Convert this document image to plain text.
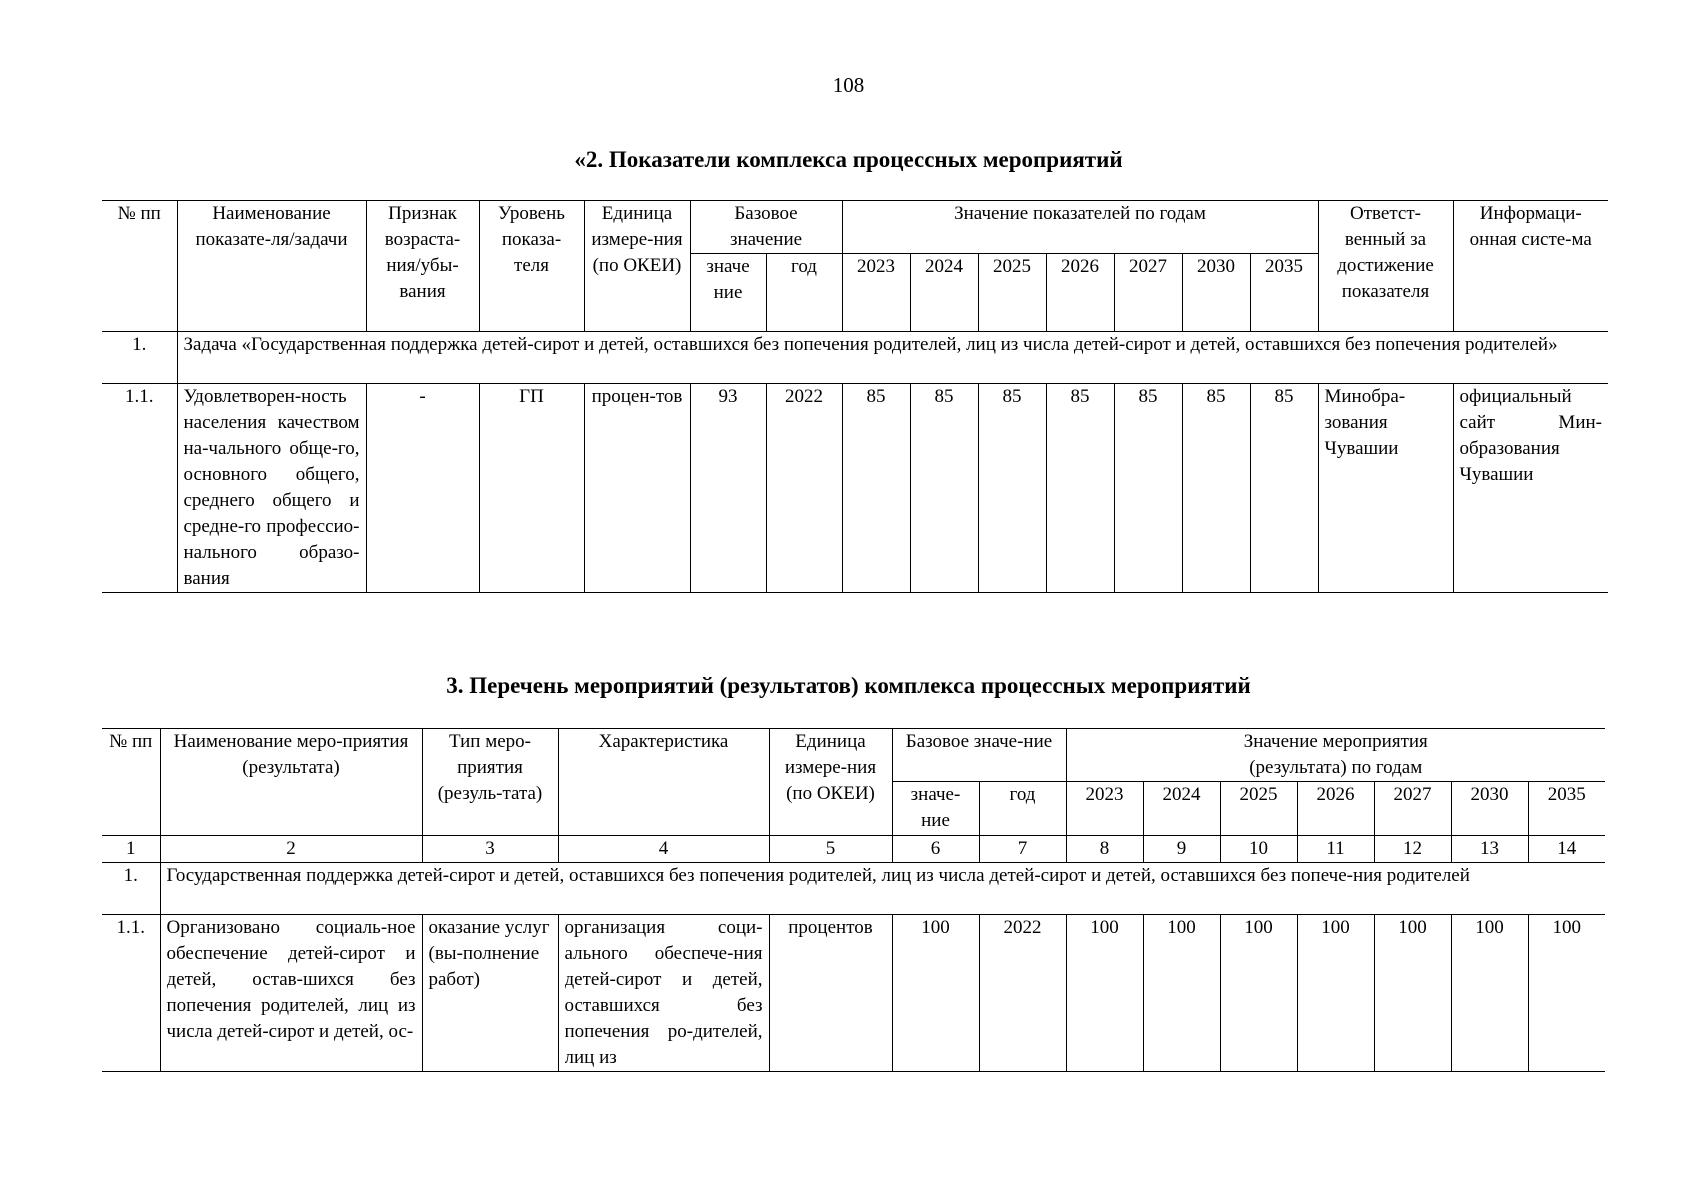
108
«2. Показатели комплекса процессных мероприятий
№ пп	Наименование показате-ля/задачи	Признак возраста-ния/убы-вания	Уровень показа-теля	Единица измере-ния (по ОКЕИ)	Базовое значение		Значение показателей по годам							Ответст-венный за достижение показателя	Информаци-онная систе-ма
					значе ние	год	2023	2024	2025	2026	2027	2030	2035		
1.	Задача «Государственная поддержка детей-сирот и детей, оставшихся без попечения родителей, лиц из числа детей-сирот и детей, оставшихся без попечения родителей»														
1.1.	Удовлетворен-ность населения качеством на-чального обще-го, основного общего, среднего общего и средне-го профессио-нального образо-вания	-	ГП	процен-тов	93	2022	85	85	85	85	85	85	85	Минобра-зования Чувашии	официальный сайт Мин-образования Чувашии
3. Перечень мероприятий (результатов) комплекса процессных мероприятий
№ пп	Наименование меро-приятия (результата)	Тип меро-приятия (резуль-тата)	Характеристика	Единица измере-ния (по ОКЕИ)	Базовое значе-ние		Значение мероприятия (результата) по годам						
					значе-ние	год	2023	2024	2025	2026	2027	2030	2035
1	2	3	4	5	6	7	8	9	10	11	12	13	14
1.	Государственная поддержка детей-сирот и детей, оставшихся без попечения родителей, лиц из числа детей-сирот и детей, оставшихся без попече-ния родителей												
1.1.	Организовано социаль-ное обеспечение детей-сирот и детей, остав-шихся без попечения родителей, лиц из числа детей-сирот и детей, ос-	оказание услуг (вы-полнение работ)	организация соци-ального обеспече-ния детей-сирот и детей, оставшихся без попечения ро-дителей, лиц из	процентов	100	2022	100	100	100	100	100	100	100
